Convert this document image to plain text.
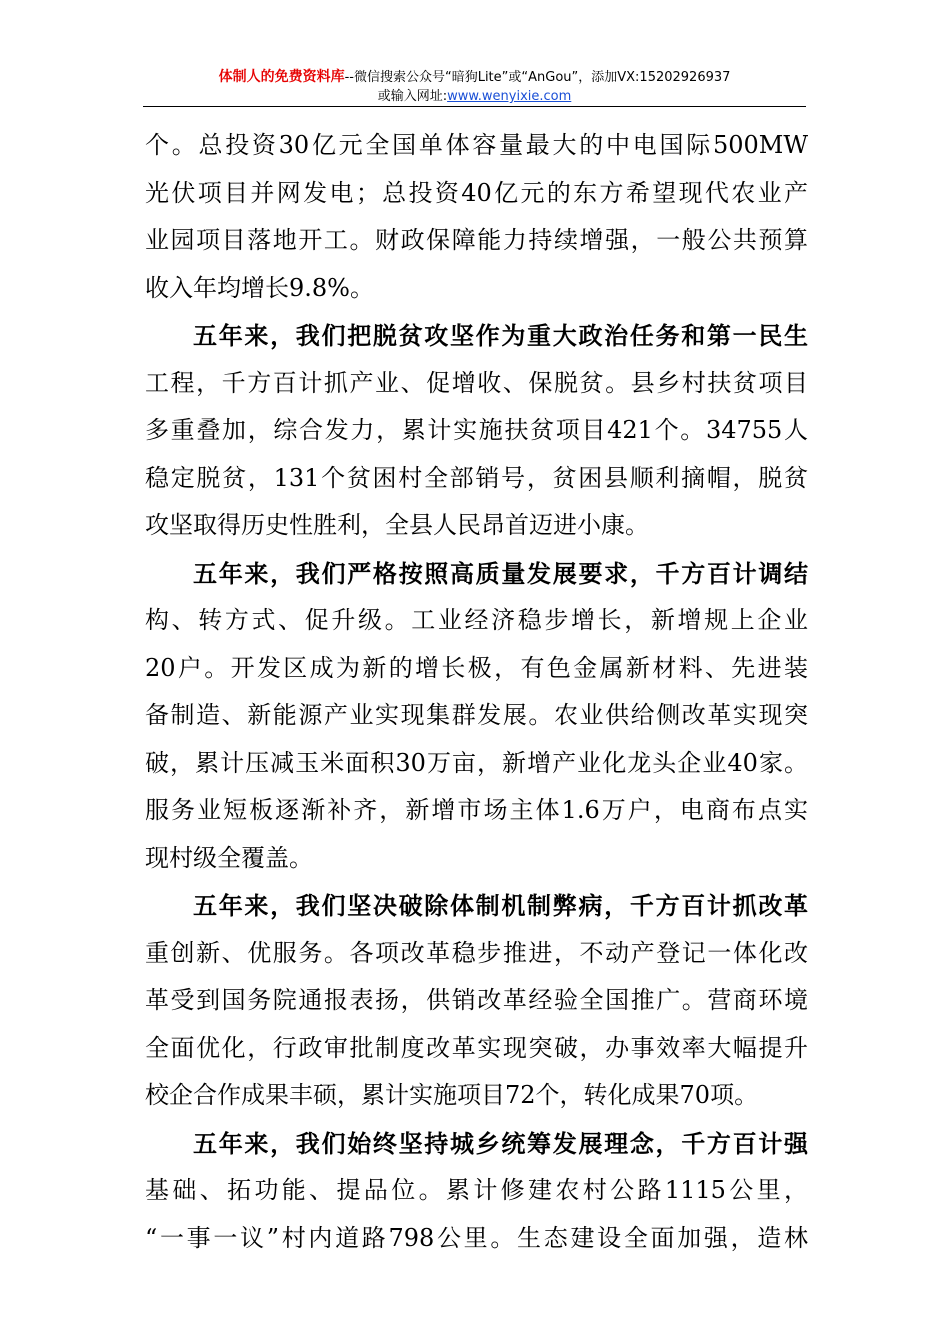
体制人的免费资料库--微信搜索公众号“暗狗Lite”或“AnGou”，添加VX:15202926937
或输入网址:www.wenyixie.com
个。总投资30亿元全国单体容量最大的中电国际500MW
光伏项目并网发电；总投资40亿元的东方希望现代农业产
业园项目落地开工。财政保障能力持续增强，一般公共预算
收入年均增长9.8%。
五年来，我们把脱贫攻坚作为重大政治任务和第一民生
工程，千方百计抓产业、促增收、保脱贫。县乡村扶贫项目
多重叠加，综合发力，累计实施扶贫项目421个。34755人
稳定脱贫，131个贫困村全部销号，贫困县顺利摘帽，脱贫
攻坚取得历史性胜利，全县人民昂首迈进小康。
五年来，我们严格按照高质量发展要求，千方百计调结
构、转方式、促升级。工业经济稳步增长，新增规上企业
20户。开发区成为新的增长极，有色金属新材料、先进装
备制造、新能源产业实现集群发展。农业供给侧改革实现突
破，累计压减玉米面积30万亩，新增产业化龙头企业40家。
服务业短板逐渐补齐，新增市场主体1.6万户，电商布点实
现村级全覆盖。
五年来，我们坚决破除体制机制弊病，千方百计抓改革
重创新、优服务。各项改革稳步推进，不动产登记一体化改
革受到国务院通报表扬，供销改革经验全国推广。营商环境
全面优化，行政审批制度改革实现突破，办事效率大幅提升
校企合作成果丰硕，累计实施项目72个，转化成果70项。
五年来，我们始终坚持城乡统筹发展理念，千方百计强
基础、拓功能、提品位。累计修建农村公路1115公里，
“一事一议”村内道路798公里。生态建设全面加强，造林
